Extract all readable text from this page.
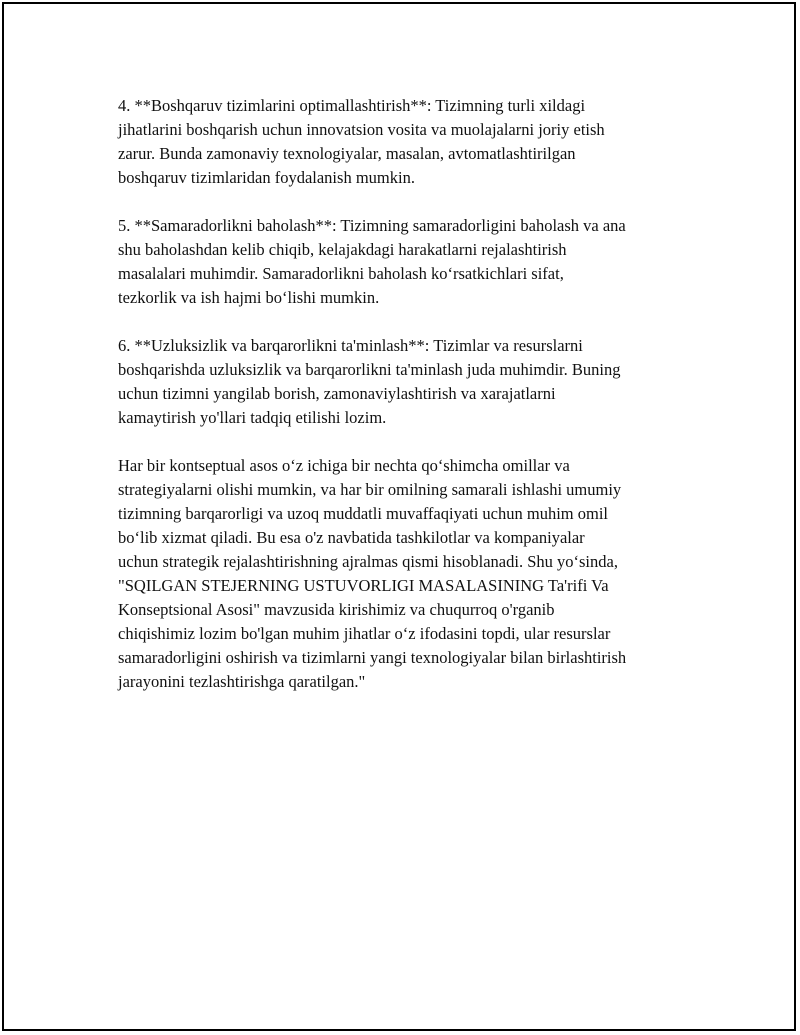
4. **Boshqaruv tizimlarini optimallashtirish**: Tizimning turli xildagi
jihatlarini boshqarish uchun innovatsion vosita va muolajalarni joriy etish
zarur. Bunda zamonaviy texnologiyalar, masalan, avtomatlashtirilgan
boshqaruv tizimlaridan foydalanish mumkin.
5. **Samaradorlikni baholash**: Tizimning samaradorligini baholash va ana
shu baholashdan kelib chiqib, kelajakdagi harakatlarni rejalashtirish
masalalari muhimdir. Samaradorlikni baholash ko‘rsatkichlari sifat,
tezkorlik va ish hajmi bo‘lishi mumkin.
6. **Uzluksizlik va barqarorlikni ta'minlash**: Tizimlar va resurslarni
boshqarishda uzluksizlik va barqarorlikni ta'minlash juda muhimdir. Buning
uchun tizimni yangilab borish, zamonaviylashtirish va xarajatlarni
kamaytirish yo'llari tadqiq etilishi lozim.
Har bir kontseptual asos o‘z ichiga bir nechta qo‘shimcha omillar va
strategiyalarni olishi mumkin, va har bir omilning samarali ishlashi umumiy
tizimning barqarorligi va uzoq muddatli muvaffaqiyati uchun muhim omil
bo‘lib xizmat qiladi. Bu esa o'z navbatida tashkilotlar va kompaniyalar
uchun strategik rejalashtirishning ajralmas qismi hisoblanadi. Shu yo‘sinda,
"SQILGAN STEJERNING USTUVORLIGI MASALASINING Ta'rifi Va
Konseptsional Asosi" mavzusida kirishimiz va chuqurroq o'rganib
chiqishimiz lozim bo'lgan muhim jihatlar o‘z ifodasini topdi, ular resurslar
samaradorligini oshirish va tizimlarni yangi texnologiyalar bilan birlashtirish
jarayonini tezlashtirishga qaratilgan."
